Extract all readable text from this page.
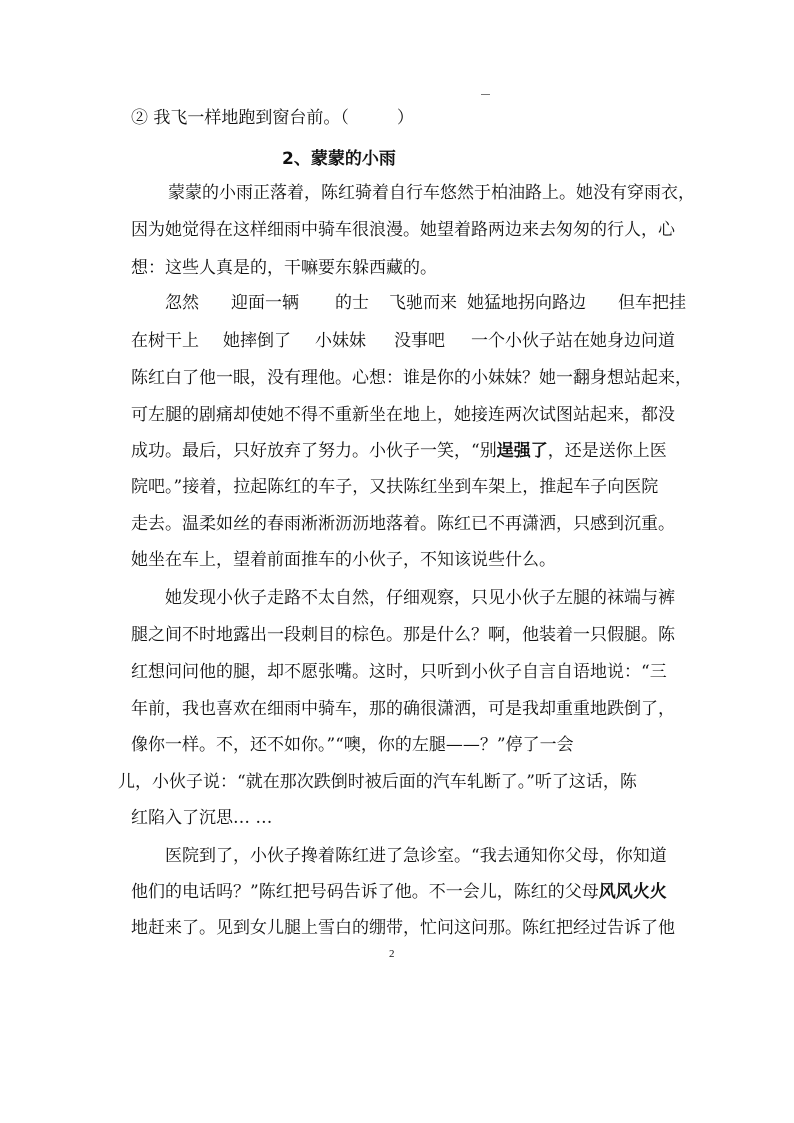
② 我飞一样地跑到窗台前。（	）
2、蒙蒙的小雨
蒙蒙的小雨正落着，陈红骑着自行车悠然于柏油路上。她没有穿雨衣，
因为她觉得在这样细雨中骑车很浪漫。她望着路两边来去匆匆的行人，心
想：这些人真是的，干嘛要东躲西藏的。
忽然 迎面一辆 的士 飞驰而来 她猛地拐向路边 但车把挂
在树干上 她摔倒了 小妹妹 没事吧 一个小伙子站在她身边问道
陈红白了他一眼，没有理他。心想：谁是你的小妹妹？她一翻身想站起来，
可左腿的剧痛却使她不得不重新坐在地上，她接连两次试图站起来，都没
成功。最后，只好放弃了努力。小伙子一笑，“别逞强了，还是送你上医
院吧。”接着，拉起陈红的车子，又扶陈红坐到车架上，推起车子向医院
走去。温柔如丝的春雨淅淅沥沥地落着。陈红已不再潇洒，只感到沉重。
她坐在车上，望着前面推车的小伙子，不知该说些什么。
她发现小伙子走路不太自然，仔细观察，只见小伙子左腿的袜端与裤
腿之间不时地露出一段刺目的棕色。那是什么？啊，他装着一只假腿。陈
红想问问他的腿，却不愿张嘴。这时，只听到小伙子自言自语地说：“三
年前，我也喜欢在细雨中骑车，那的确很潇洒，可是我却重重地跌倒了，
像你一样。不，还不如你。”“噢，你的左腿——？”停了一会
儿，小伙子说：“就在那次跌倒时被后面的汽车轧断了。”听了这话，陈
红陷入了沉思… …
医院到了，小伙子搀着陈红进了急诊室。“我去通知你父母，你知道
他们的电话吗？”陈红把号码告诉了他。不一会儿，陈红的父母风风火火
地赶来了。见到女儿腿上雪白的绷带，忙问这问那。陈红把经过告诉了他
2
